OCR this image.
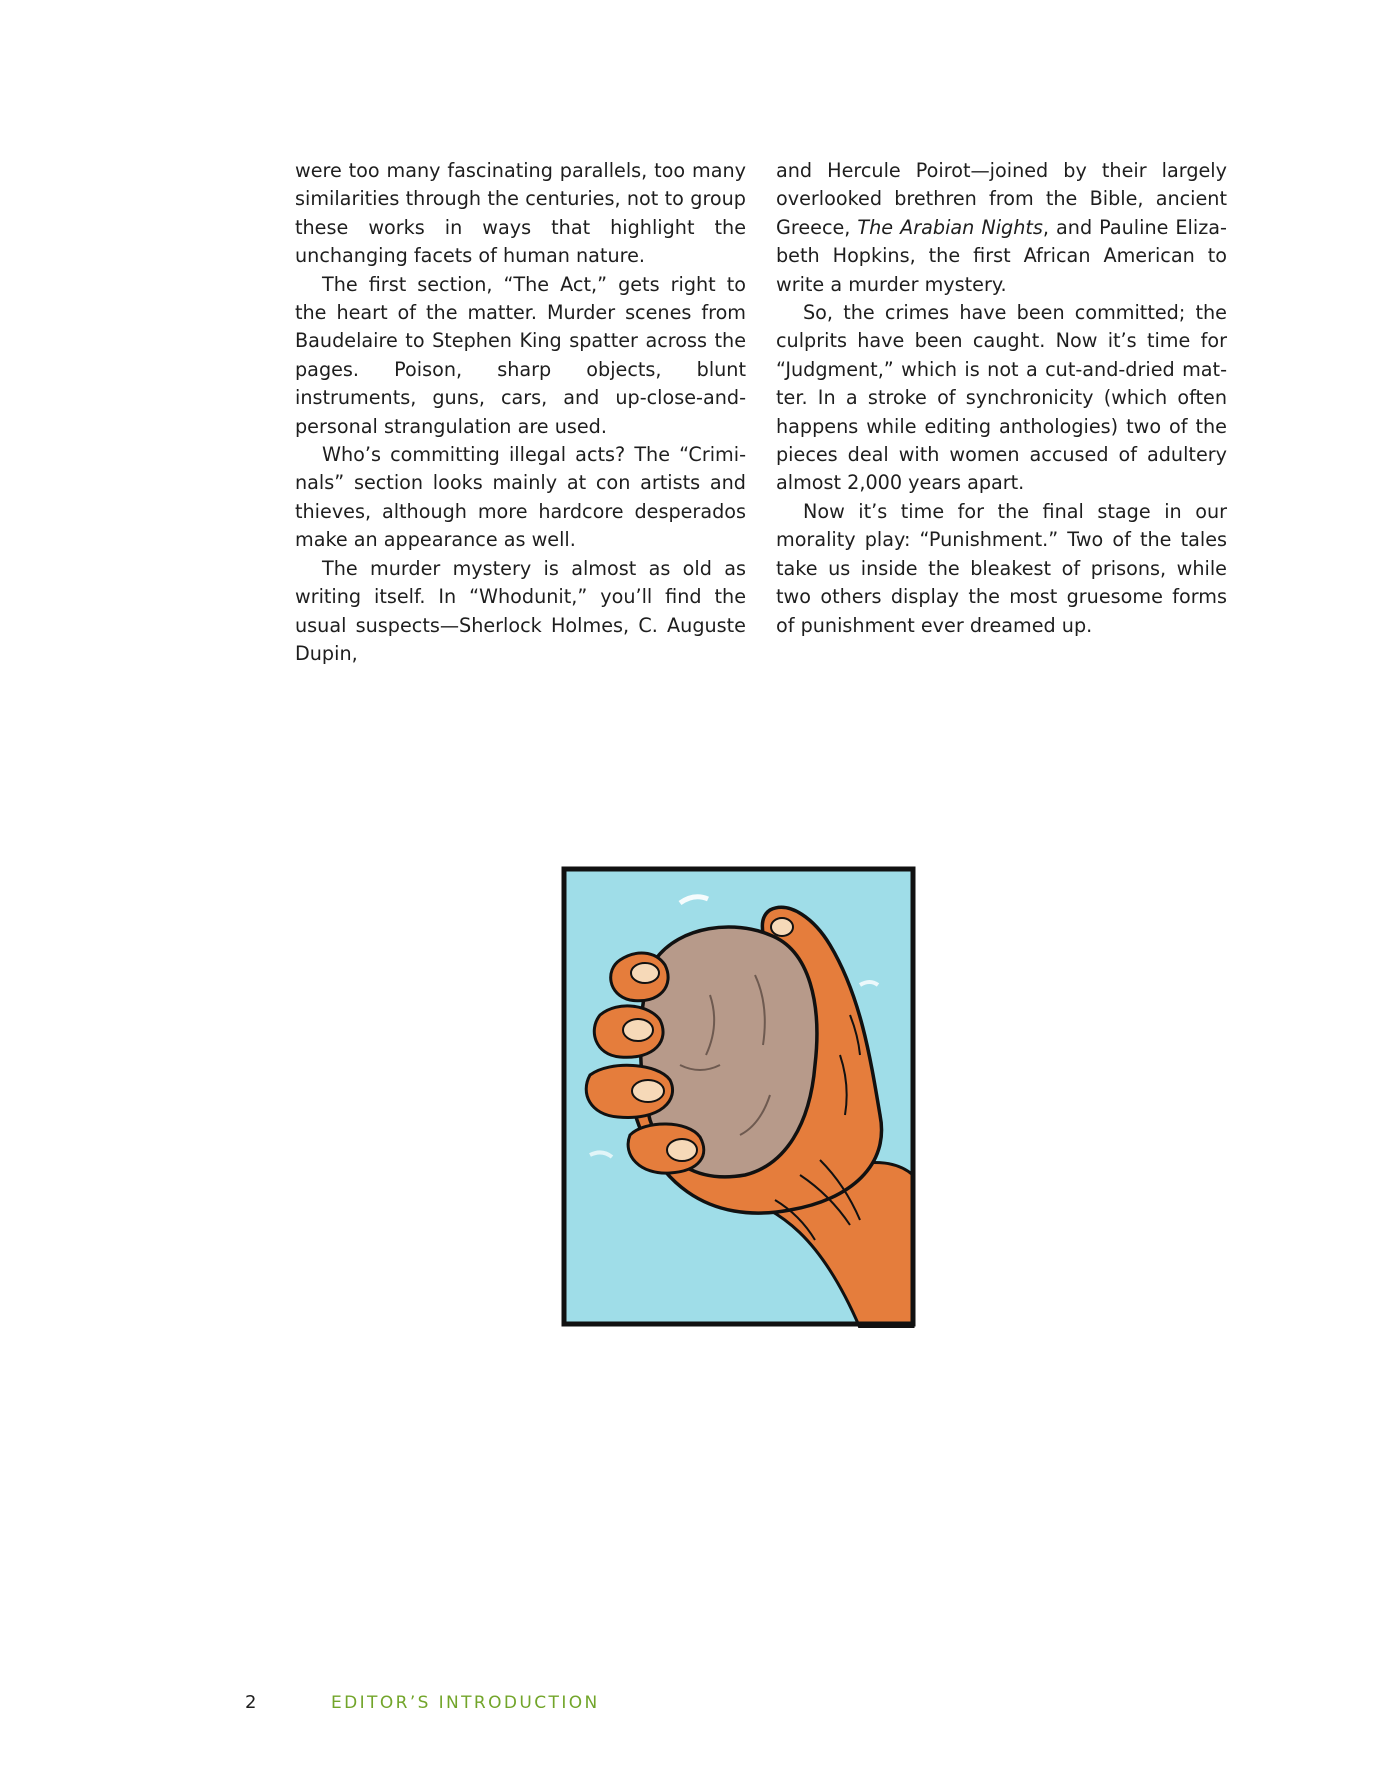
were too many fascinating parallels, too many similarities through the centuries, not to group these works in ways that highlight the unchanging facets of human nature.

The first section, “The Act,” gets right to the heart of the matter. Murder scenes from Baudelaire to Stephen King spatter across the pages. Poison, sharp objects, blunt instruments, guns, cars, and up-close-and-personal strangulation are used.

Who’s committing illegal acts? The “Criminals” section looks mainly at con artists and thieves, although more hardcore desperados make an appearance as well.

The murder mystery is almost as old as writing itself. In “Whodunit,” you’ll find the usual suspects—Sherlock Holmes, C. Auguste Dupin,

and Hercule Poirot—joined by their largely overlooked brethren from the Bible, ancient Greece, The Arabian Nights, and Pauline Elizabeth Hopkins, the first African American to write a murder mystery.

So, the crimes have been committed; the culprits have been caught. Now it’s time for “Judgment,” which is not a cut-and-dried matter. In a stroke of synchronicity (which often happens while editing anthologies) two of the pieces deal with women accused of adultery almost 2,000 years apart.

Now it’s time for the final stage in our morality play: “Punishment.” Two of the tales take us inside the bleakest of prisons, while two others display the most gruesome forms of punishment ever dreamed up.

2	EDITOR’S INTRODUCTION
